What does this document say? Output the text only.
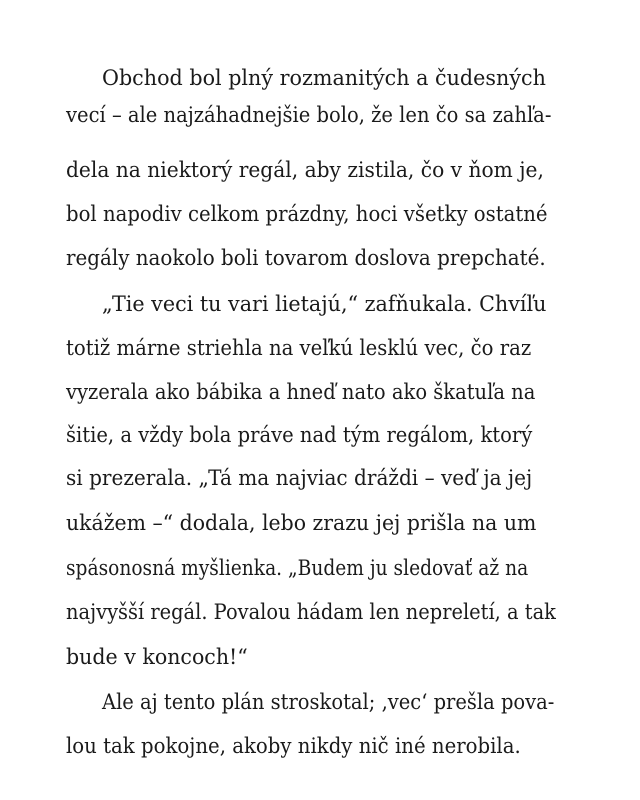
Obchod bol plný rozmanitých a čudesných
vecí – ale najzáhadnejšie bolo, že len čo sa zahľa-
dela na niektorý regál, aby zistila, čo v ňom je,
bol napodiv celkom prázdny, hoci všetky ostatné
regály naokolo boli tovarom doslova prepchaté.
„Tie veci tu vari lietajú,“ zafňukala. Chvíľu
totiž márne striehla na veľkú lesklú vec, čo raz
vyzerala ako bábika a hneď nato ako škatuľa na
šitie, a vždy bola práve nad tým regálom, ktorý
si prezerala. „Tá ma najviac dráždi – veď ja jej
ukážem –“ dodala, lebo zrazu jej prišla na um
spásonosná myšlienka. „Budem ju sledovať až na
najvyšší regál. Povalou hádam len nepreletí, a tak
bude v koncoch!“
Ale aj tento plán stroskotal; ‚vec‘ prešla pova-
lou tak pokojne, akoby nikdy nič iné nerobila.
